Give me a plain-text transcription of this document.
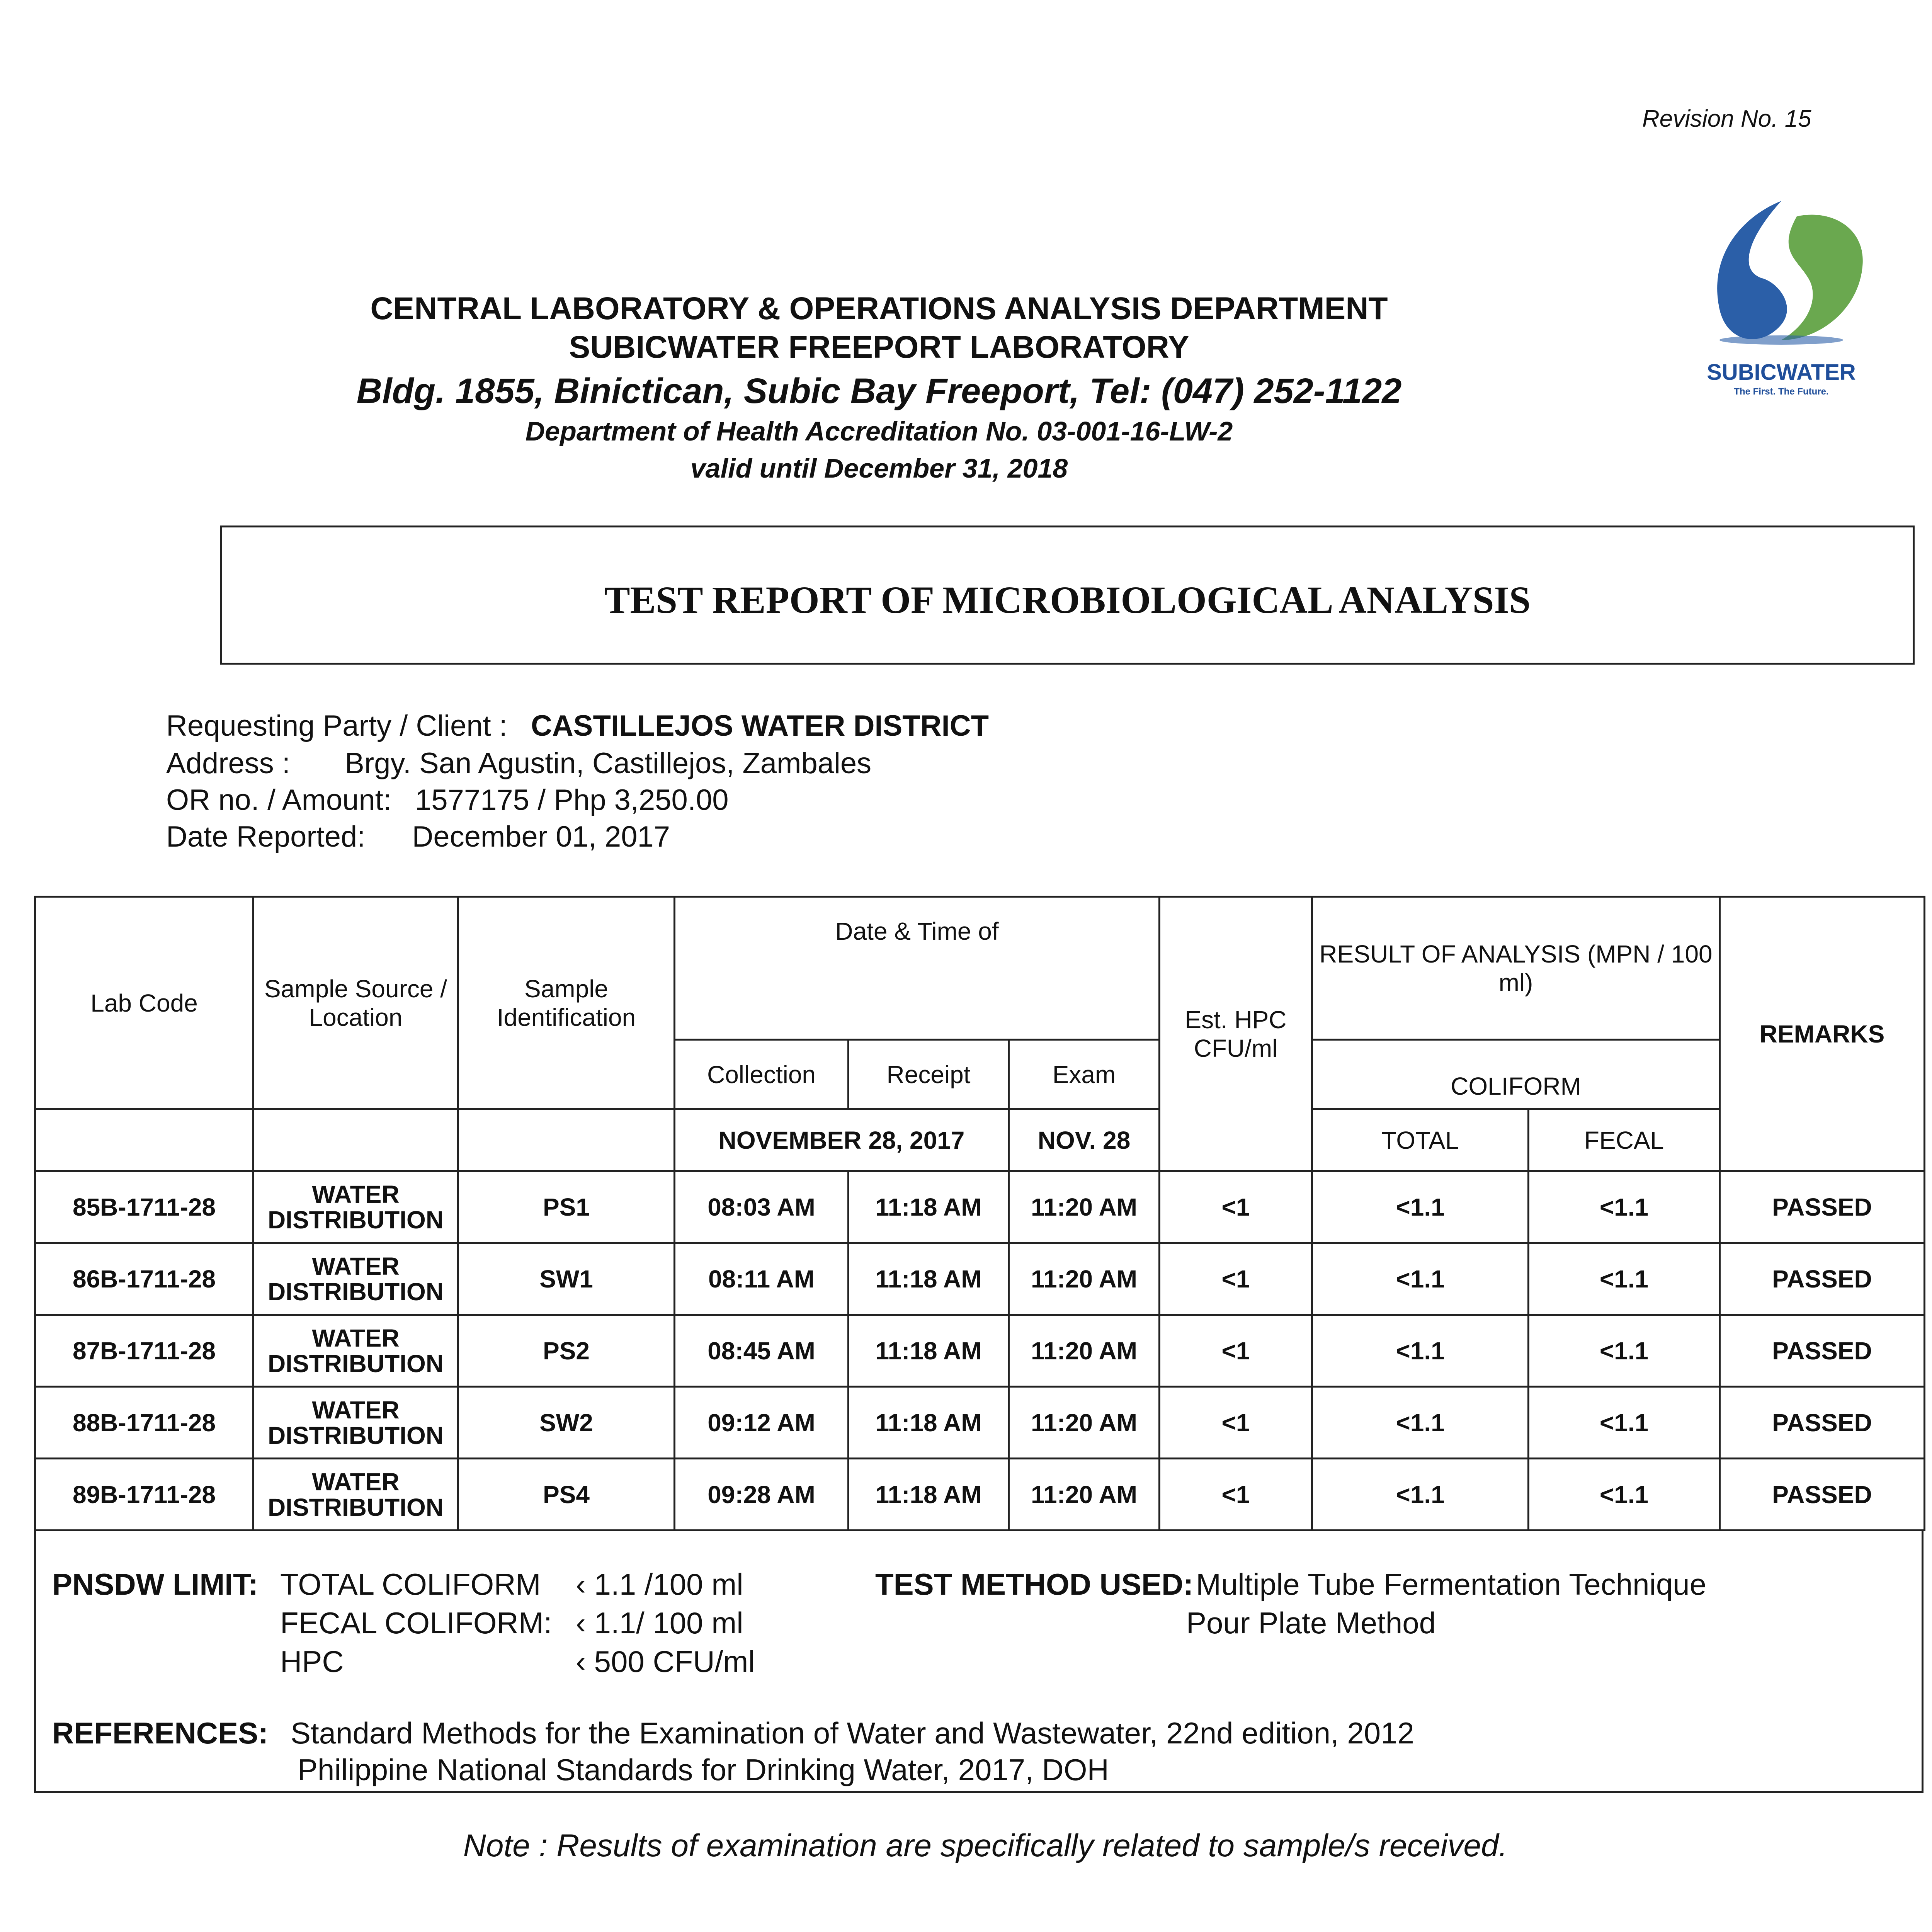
Revision No. 15
CENTRAL LABORATORY & OPERATIONS ANALYSIS DEPARTMENT
SUBICWATER FREEPORT LABORATORY
Bldg. 1855, Binictican, Subic Bay Freeport, Tel: (047) 252-1122
Department of Health Accreditation No. 03-001-16-LW-2
valid until December 31, 2018
SUBICWATER
The First. The Future.
TEST REPORT OF MICROBIOLOGICAL ANALYSIS
Requesting Party / Client : CASTILLEJOS WATER DISTRICT
Address : Brgy. San Agustin, Castillejos, Zambales
OR no. / Amount: 1577175 / Php 3,250.00
Date Reported: December 01, 2017
Lab Code	Sample Source / Location	Sample Identification	Date & Time of			Est. HPC CFU/ml	RESULT OF ANALYSIS (MPN / 100 ml)		REMARKS
			Collection	Receipt	Exam		COLIFORM		
			NOVEMBER 28, 2017		NOV. 28		TOTAL	FECAL	
85B-1711-28	WATER DISTRIBUTION	PS1	08:03 AM	11:18 AM	11:20 AM	<1	<1.1	<1.1	PASSED
86B-1711-28	WATER DISTRIBUTION	SW1	08:11 AM	11:18 AM	11:20 AM	<1	<1.1	<1.1	PASSED
87B-1711-28	WATER DISTRIBUTION	PS2	08:45 AM	11:18 AM	11:20 AM	<1	<1.1	<1.1	PASSED
88B-1711-28	WATER DISTRIBUTION	SW2	09:12 AM	11:18 AM	11:20 AM	<1	<1.1	<1.1	PASSED
89B-1711-28	WATER DISTRIBUTION	PS4	09:28 AM	11:18 AM	11:20 AM	<1	<1.1	<1.1	PASSED
PNSDW LIMIT: TOTAL COLIFORM ‹ 1.1 /100 ml
FECAL COLIFORM: ‹ 1.1/ 100 ml
HPC	‹ 500 CFU/ml
TEST METHOD USED: Multiple Tube Fermentation Technique
Pour Plate Method
REFERENCES: Standard Methods for the Examination of Water and Wastewater, 22nd edition, 2012
Philippine National Standards for Drinking Water, 2017, DOH
Note : Results of examination are specifically related to sample/s received.
